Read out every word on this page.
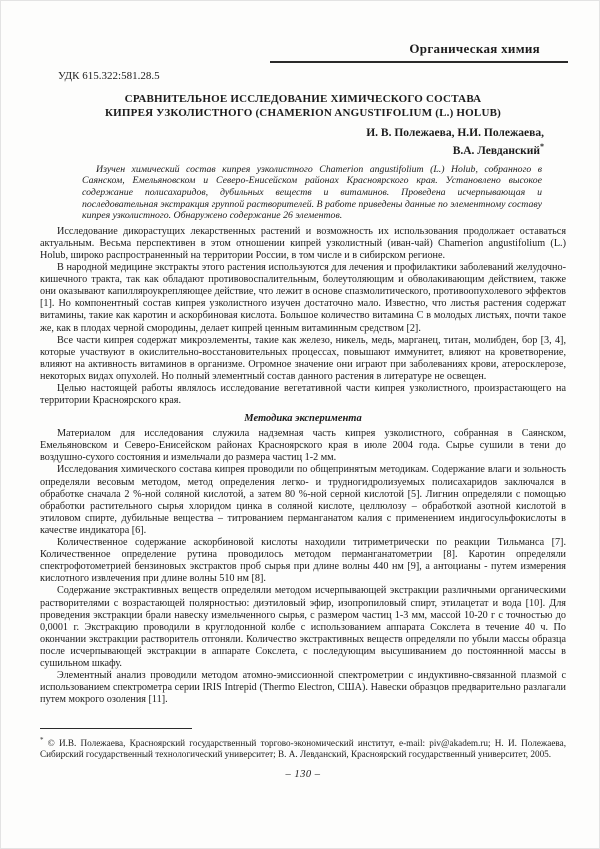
Органическая химия
УДК 615.322:581.28.5
СРАВНИТЕЛЬНОЕ ИССЛЕДОВАНИЕ ХИМИЧЕСКОГО СОСТАВА
КИПРЕЯ УЗКОЛИСТНОГО (CHAMERION ANGUSTIFOLIUM (L.) HOLUB)
И. В. Полежаева, Н.И. Полежаева,
В.А. Левданский*
Изучен химический состав кипрея узколистного Chamerion angustifolium (L.) Holub, собранного в Саянском, Емельяновском и Северо-Енисейском районах Красноярского края. Установлено высокое содержание полисахаридов, дубильных веществ и витаминов. Проведена исчерпывающая и последовательная экстракция группой растворителей. В работе приведены данные по элементному составу кипрея узколистного. Обнаружено содержание 26 элементов.

Исследование дикорастущих лекарственных растений и возможность их использования продолжает оставаться актуальным. Весьма перспективен в этом отношении кипрей узколистный (иван-чай) Chamerion angustifolium (L.) Holub, широко распространенный на территории России, в том числе и в сибирском регионе.

В народной медицине экстракты этого растения используются для лечения и профилактики заболеваний желудочно-кишечного тракта, так как обладают противовоспалительным, болеутоляющим и обволакивающим действием, также они оказывают капилляроукрепляющее действие, что лежит в основе спазмолитического, противоопухолевого эффектов [1]. Но компонентный состав кипрея узколистного изучен достаточно мало. Известно, что листья растения содержат витамины, такие как каротин и аскорбиновая кислота. Большое количество витамина С в молодых листьях, почти такое же, как в плодах черной смородины, делает кипрей ценным витаминным средством [2].

Все части кипрея содержат микроэлементы, такие как железо, никель, медь, марганец, титан, молибден, бор [3, 4], которые участвуют в окислительно-восстановительных процессах, повышают иммунитет, влияют на кроветворение, влияют на активность витаминов в организме. Огромное значение они играют при заболеваниях крови, атеросклерозе, некоторых видах опухолей. Но полный элементный состав данного растения в литературе не освещен.

Целью настоящей работы являлось исследование вегетативной части кипрея узколистного, произрастающего на территории Красноярского края.

Методика эксперимента

Материалом для исследования служила надземная часть кипрея узколистного, собранная в Саянском, Емельяновском и Северо-Енисейском районах Красноярского края в июле 2004 года. Сырье сушили в тени до воздушно-сухого состояния и измельчали до размера частиц 1-2 мм.

Исследования химического состава кипрея проводили по общепринятым методикам. Содержание влаги и зольность определяли весовым методом, метод определения легко- и трудногидролизуемых полисахаридов заключался в обработке сначала 2 %-ной соляной кислотой, а затем 80 %-ной серной кислотой [5]. Лигнин определяли с помощью обработки растительного сырья хлоридом цинка в соляной кислоте, целлюлозу – обработкой азотной кислотой в этиловом спирте, дубильные вещества – титрованием перманганатом калия с применением индигосульфокислоты в качестве индикатора [6].

Количественное содержание аскорбиновой кислоты находили титриметрически по реакции Тильманса [7]. Количественное определение рутина проводилось методом перманганатометрии [8]. Каротин определяли спектрофотометрией бензиновых экстрактов проб сырья при длине волны 440 нм [9], а антоцианы - путем измерения кислотного извлечения при длине волны 510 нм [8].

Содержание экстрактивных веществ определяли методом исчерпывающей экстракции различными органическими растворителями с возрастающей полярностью: диэтиловый эфир, изопропиловый спирт, этилацетат и вода [10]. Для проведения экстракции брали навеску измельченного сырья, с размером частиц 1-3 мм, массой 10-20 г с точностью до 0,0001 г. Экстракцию проводили в круглодонной колбе с использованием аппарата Сокслета в течение 40 ч. По окончании экстракции растворитель отгоняли. Количество экстрактивных веществ определяли по убыли массы образца после исчерпывающей экстракции в аппарате Сокслета, с последующим высушиванием до постояннной массы в сушильном шкафу.

Элементный анализ проводили методом атомно-эмиссионной спектрометрии с индуктивно-связанной плазмой с использованием спектрометра серии IRIS Intrepid (Thermo Electron, США). Навески образцов предварительно разлагали путем мокрого озоления [11].

* © И.В. Полежаева, Красноярский государственный торгово-экономический институт, e-mail: piv@akadem.ru; Н. И. Полежаева, Сибирский государственный технологический университет; В. А. Левданский, Красноярский государственный университет, 2005.

– 130 –
